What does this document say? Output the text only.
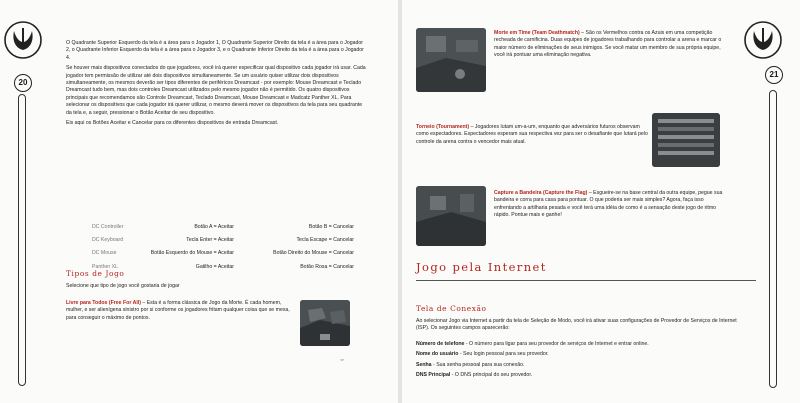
20

O Quadrante Superior Esquerdo da tela é a área para o Jogador 1, O Quadrante Superior Direito da tela é a área para o Jogador 2, o Quadrante Inferior Esquerdo da tela é a área para o Jogador 3, e o Quadrante Inferior Direito da tela é a área para o Jogador 4.

Se houver mais dispositivos conectados do que jogadores, você irá querer especificar qual dispositivo cada jogador irá usar. Cada jogador tem permissão de utilizar até dois dispositivos simultaneamente. Se um usuário quiser utilizar dois dispositivos simultaneamente, os mesmos deverão ser tipos diferentes de periféricos Dreamcast - por exemplo: Mouse Dreamcast e Teclado Dreamcast tudo bem, mas dois controles Dreamcast utilizados pelo mesmo jogador não é permitido. Os quatro dispositivos principais que recomendamos são Controle Dreamcast, Teclado Dreamcast, Mouse Dreamcast e Madcatz Panther XL. Para selecionar os dispositivos que cada jogador irá querer utilizar, o mesmo deverá mover os dispositivos da tela para seu quadrante da tela e, a seguir, pressionar o Botão Aceitar de seu dispositivo.

Eis aqui os Botões Aceitar e Cancelar para os diferentes dispositivos de entrada Dreamcast.

DC Controller	Botão A = Aceitar	Botão B = Cancelar
DC Keyboard	Tecla Enter = Aceitar	Tecla Escape = Cancelar
DC Mouse	Botão Esquerdo do Mouse = Aceitar	Botão Direito do Mouse = Cancelar
Panther XL	Gatilho = Aceitar	Botão Rosa = Cancelar
Tipos de Jogo
Selecione que tipo de jogo você gostaria de jogar
Livre para Todos (Free For All) – Esta é a forma clássica de Jogo da Morte. É cada homem, mulher, e ser alienígena sinistro por si conforme os jogadores fritam qualquer coisa que se mexa, para conseguir o máximo de pontos.
"²"
21
Morte em Time (Team Deathmatch) – São os Vermelhos contra os Azuis em uma competição recheada de carnificina. Duas equipes de jogadores trabalhando para controlar a arena e marcar o maior número de eliminações de seus inimigos. Se você matar um membro de sua própria equipe, você irá pontuar uma eliminação negativa.
Torneio (Tournament) – Jogadores lutam um-a-um, enquanto que adversários futuros observam como espectadores. Espectadores esperam sua respectiva vez para ser o desafiante que lutará pelo controle da arena contra o vencedor mais atual.
Capture a Bandeira (Capture the Flag) – Esgueire-se na base central da outra equipe, pegue sua bandeira e corra para casa para pontuar. O que poderia ser mais simples? Agora, faça isso enfrentando a artilharia pesada e você terá uma idéia de como é a sensação deste jogo de ritmo rápido. Pontue mais e ganhe!
Jogo pela Internet
Tela de Conexão
Ao selecionar Jogo via Internet a partir da tela de Seleção de Modo, você irá ativar suas configurações de Provedor de Serviços de Internet (ISP). Os seguintes campos aparecerão:

Número de telefone - O número para ligar para seu provedor de serviços de Internet e entrar online.

Nome do usuário - Seu login pessoal para seu provedor.

Senha - Sua senha pessoal para sua conexão.

DNS Principal - O DNS principal do seu provedor.
